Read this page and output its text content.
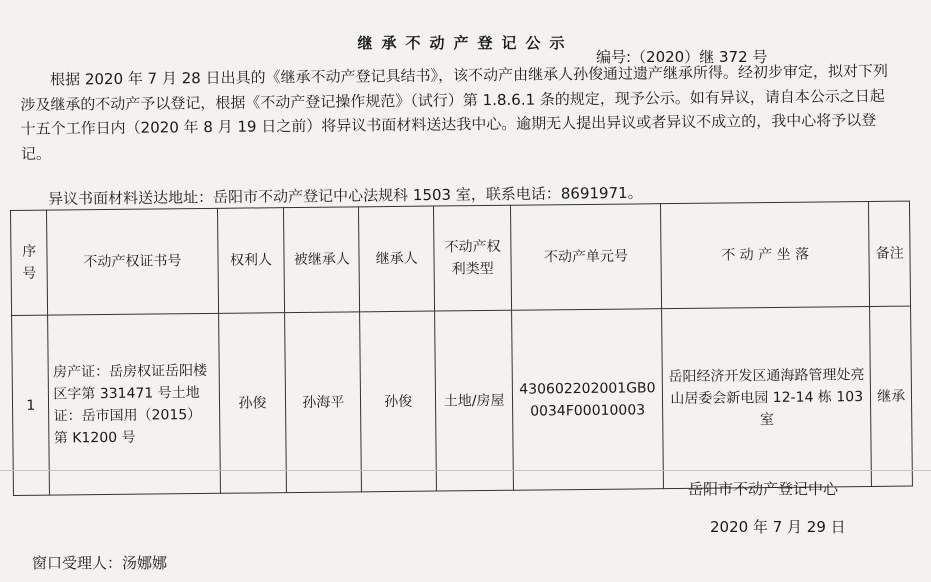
继承不动产登记公示
编号:（2020）继 372 号
根据 2020 年 7 月 28 日出具的《继承不动产登记具结书》，该不动产由继承人孙俊通过遗产继承所得。经初步审定，拟对下列涉及继承的不动产予以登记，根据《不动产登记操作规范》（试行）第 1.8.6.1 条的规定，现予公示。如有异议，请自本公示之日起十五个工作日内（2020 年 8 月 19 日之前）将异议书面材料送达我中心。逾期无人提出异议或者异议不成立的，我中心将予以登记。
异议书面材料送达地址：岳阳市不动产登记中心法规科 1503 室，联系电话：8691971。
序号	不动产权证书号	权利人	被继承人	继承人	不动产权利类型	不动产单元号	不 动 产 坐 落	备注
1	房产证：岳房权证岳阳楼区字第 331471 号土地证：岳市国用（2015）第 K1200 号	孙俊	孙海平	孙俊	土地/房屋	430602202001GB00034F00010003	岳阳经济开发区通海路管理处亮山居委会新电园 12-14 栋 103 室	继承
岳阳市不动产登记中心
2020 年 7 月 29 日
窗口受理人：汤娜娜
